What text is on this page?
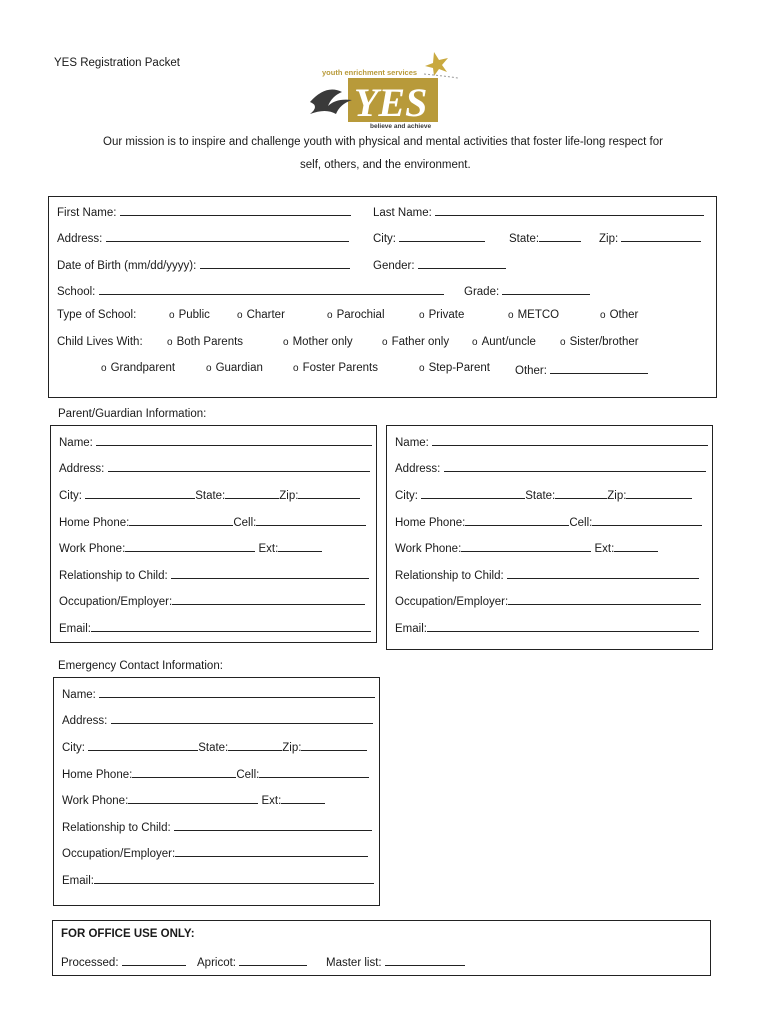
YES Registration Packet
youth enrichment services
YES
believe and achieve
Our mission is to inspire and challenge youth with physical and mental activities that foster life-long respect for
self, others, and the environment.
First Name:	Last Name:
Address:	City:	State:	Zip:
Date of Birth (mm/dd/yyyy):	Gender:
School:	Grade:
Type of School:	o Public	o Charter	o Parochial	o Private	o METCO	o Other
Child Lives With:	o Both Parents	o Mother only	o Father only	o Aunt/uncle	o Sister/brother
o Grandparent	o Guardian	o Foster Parents	o Step-Parent Other:
Parent/Guardian Information:
Name:
Address:
City:	State:	Zip:
Home Phone:	Cell:
Work Phone:	Ext:
Relationship to Child:
Occupation/Employer:
Email:
Name:
Address:
City:	State:	Zip:
Home Phone:	Cell:
Work Phone:	Ext:
Relationship to Child:
Occupation/Employer:
Email:
Emergency Contact Information:
Name:
Address:
City:	State:	Zip:
Home Phone:	Cell:
Work Phone:	Ext:
Relationship to Child:
Occupation/Employer:
Email:
FOR OFFICE USE ONLY:
Processed:	Apricot:	Master list:
